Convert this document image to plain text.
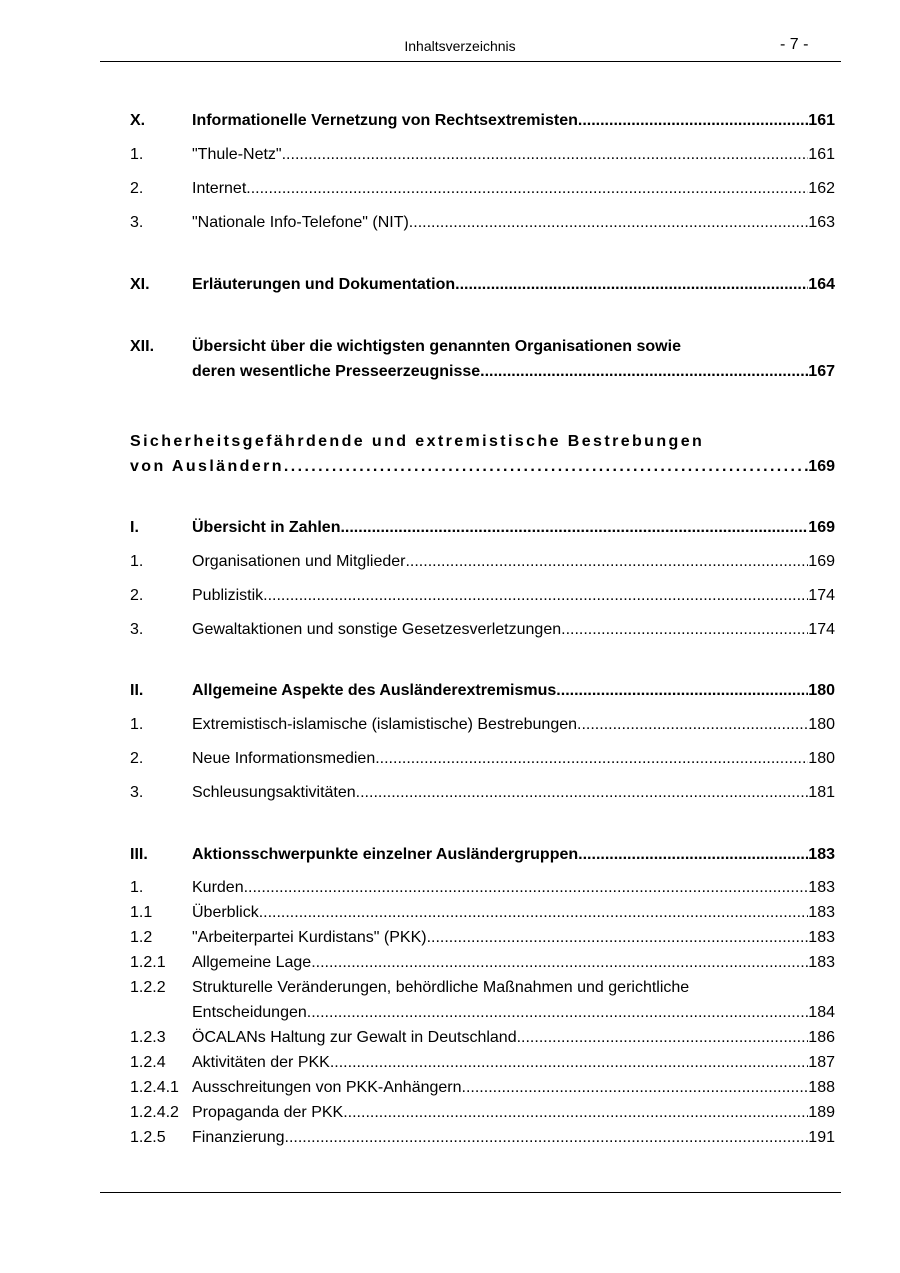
Inhaltsverzeichnis	- 7 -
X.	Informationelle Vernetzung von Rechtsextremisten .....	161
1.	"Thule-Netz" .....	161
2.	Internet .....	162
3.	"Nationale Info-Telefone" (NIT) .....	163
XI.	Erläuterungen und Dokumentation .....	164
XII. Übersicht über die wichtigsten genannten Organisationen sowie
deren wesentliche Presseerzeugnisse .....	167
Sicherheitsgefährdende und extremistische Bestrebungen
von Ausländern .....	169
I.	Übersicht in Zahlen .....	169
1.	Organisationen und Mitglieder .....	169
2.	Publizistik .....	174
3.	Gewaltaktionen und sonstige Gesetzesverletzungen .....	174
II.	Allgemeine Aspekte des Ausländerextremismus .....	180
1.	Extremistisch-islamische (islamistische) Bestrebungen .....	180
2.	Neue Informationsmedien .....	180
3.	Schleusungsaktivitäten .....	181
III.	Aktionsschwerpunkte einzelner Ausländergruppen .....	183
1.	Kurden .....	183
1.1 Überblick .....	183
1.2 "Arbeiterpartei Kurdistans" (PKK) .....	183
1.2.1 Allgemeine Lage .....	183
1.2.2 Strukturelle Veränderungen, behördliche Maßnahmen und gerichtliche
Entscheidungen .....	184
1.2.3 ÖCALANs Haltung zur Gewalt in Deutschland .....	186
1.2.4 Aktivitäten der PKK .....	187
1.2.4.1 Ausschreitungen von PKK-Anhängern .....	188
1.2.4.2 Propaganda der PKK .....	189
1.2.5 Finanzierung .....	191
